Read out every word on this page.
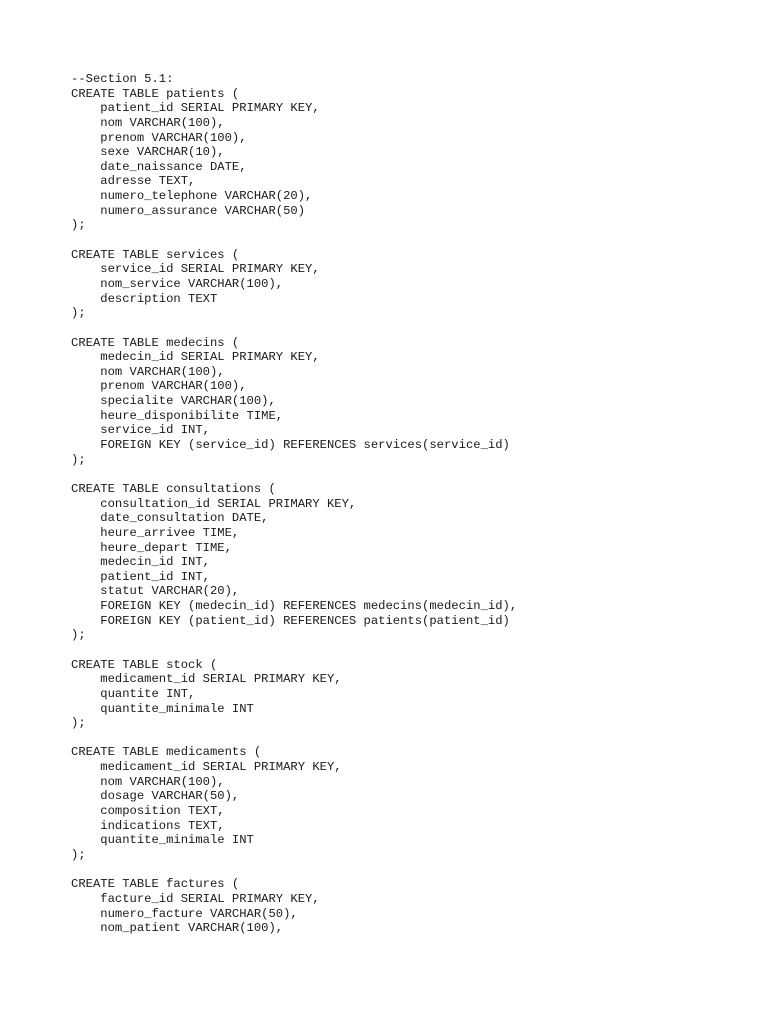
--Section 5.1:
CREATE TABLE patients (
patient_id SERIAL PRIMARY KEY,
nom VARCHAR(100),
prenom VARCHAR(100),
sexe VARCHAR(10),
date_naissance DATE,
adresse TEXT,
numero_telephone VARCHAR(20),
numero_assurance VARCHAR(50)
);
CREATE TABLE services (
service_id SERIAL PRIMARY KEY,
nom_service VARCHAR(100),
description TEXT
);
CREATE TABLE medecins (
medecin_id SERIAL PRIMARY KEY,
nom VARCHAR(100),
prenom VARCHAR(100),
specialite VARCHAR(100),
heure_disponibilite TIME,
service_id INT,
FOREIGN KEY (service_id) REFERENCES services(service_id)
);
CREATE TABLE consultations (
consultation_id SERIAL PRIMARY KEY,
date_consultation DATE,
heure_arrivee TIME,
heure_depart TIME,
medecin_id INT,
patient_id INT,
statut VARCHAR(20),
FOREIGN KEY (medecin_id) REFERENCES medecins(medecin_id),
FOREIGN KEY (patient_id) REFERENCES patients(patient_id)
);
CREATE TABLE stock (
medicament_id SERIAL PRIMARY KEY,
quantite INT,
quantite_minimale INT
);
CREATE TABLE medicaments (
medicament_id SERIAL PRIMARY KEY,
nom VARCHAR(100),
dosage VARCHAR(50),
composition TEXT,
indications TEXT,
quantite_minimale INT
);
CREATE TABLE factures (
facture_id SERIAL PRIMARY KEY,
numero_facture VARCHAR(50),
nom_patient VARCHAR(100),
